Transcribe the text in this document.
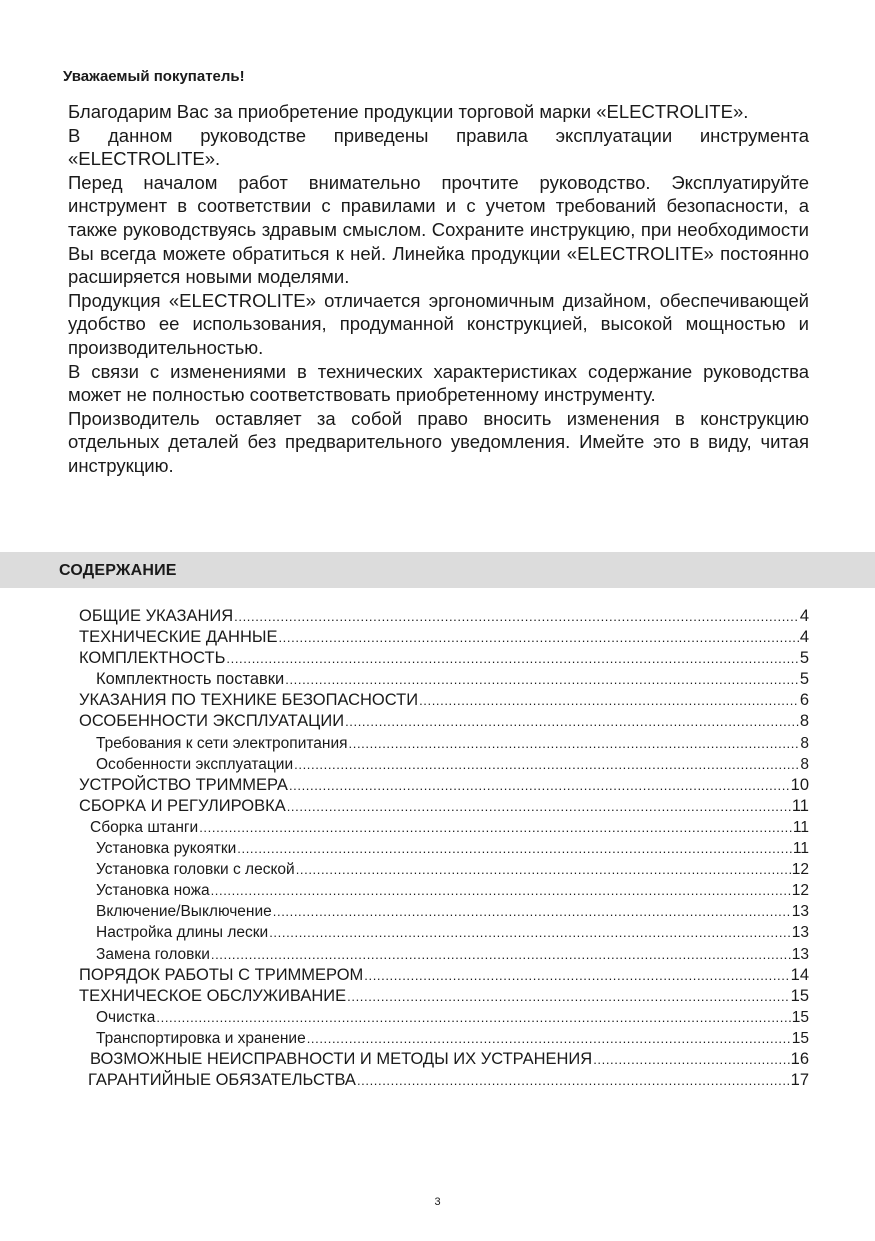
Уважаемый покупатель!

Благодарим Вас за приобретение продукции торговой марки «ELECTROLITE».

В данном руководстве приведены правила эксплуатации инструмента «ELECTROLITE».

Перед началом работ внимательно прочтите руководство. Эксплуатируйте инструмент в соответствии с правилами и с учетом требований безопасности, а также руководствуясь здравым смыслом. Сохраните инструкцию, при необходимости Вы всегда можете обратиться к ней. Линейка продукции «ELECTROLITE» постоянно расширяется новыми моделями.

Продукция «ELECTROLITE» отличается эргономичным дизайном, обеспечивающей удобство ее использования, продуманной конструкцией, высокой мощностью и производительностью.

В связи с изменениями в технических характеристиках содержание руководства может не полностью соответствовать приобретенному инструменту.

Производитель оставляет за собой право вносить изменения в конструкцию отдельных деталей без предварительного уведомления. Имейте это в виду, читая инструкцию.

СОДЕРЖАНИЕ
ОБЩИЕ УКАЗАНИЯ .....	4
ТЕХНИЧЕСКИЕ ДАННЫЕ .....	4
КОМПЛЕКТНОСТЬ .....	5
Комплектность поставки .....	5
УКАЗАНИЯ ПО ТЕХНИКЕ БЕЗОПАСНОСТИ .....	6
ОСОБЕННОСТИ ЭКСПЛУАТАЦИИ .....	8
Требования к сети электропитания .....	8
Особенности эксплуатации .....	8
УСТРОЙСТВО ТРИММЕРА .....	10
СБОРКА И РЕГУЛИРОВКА .....	11
Сборка штанги .....	11
Установка рукоятки .....	11
Установка головки с леской .....	12
Установка ножа .....	12
Включение/Выключение .....	13
Настройка длины лески .....	13
Замена головки .....	13
ПОРЯДОК РАБОТЫ С ТРИММЕРОМ .....	14
ТЕХНИЧЕСКОЕ ОБСЛУЖИВАНИЕ .....	15
Очистка .....	15
Транспортировка и хранение .....	15
ВОЗМОЖНЫЕ НЕИСПРАВНОСТИ И МЕТОДЫ ИХ УСТРАНЕНИЯ .....	16
ГАРАНТИЙНЫЕ ОБЯЗАТЕЛЬСТВА .....	17
3
